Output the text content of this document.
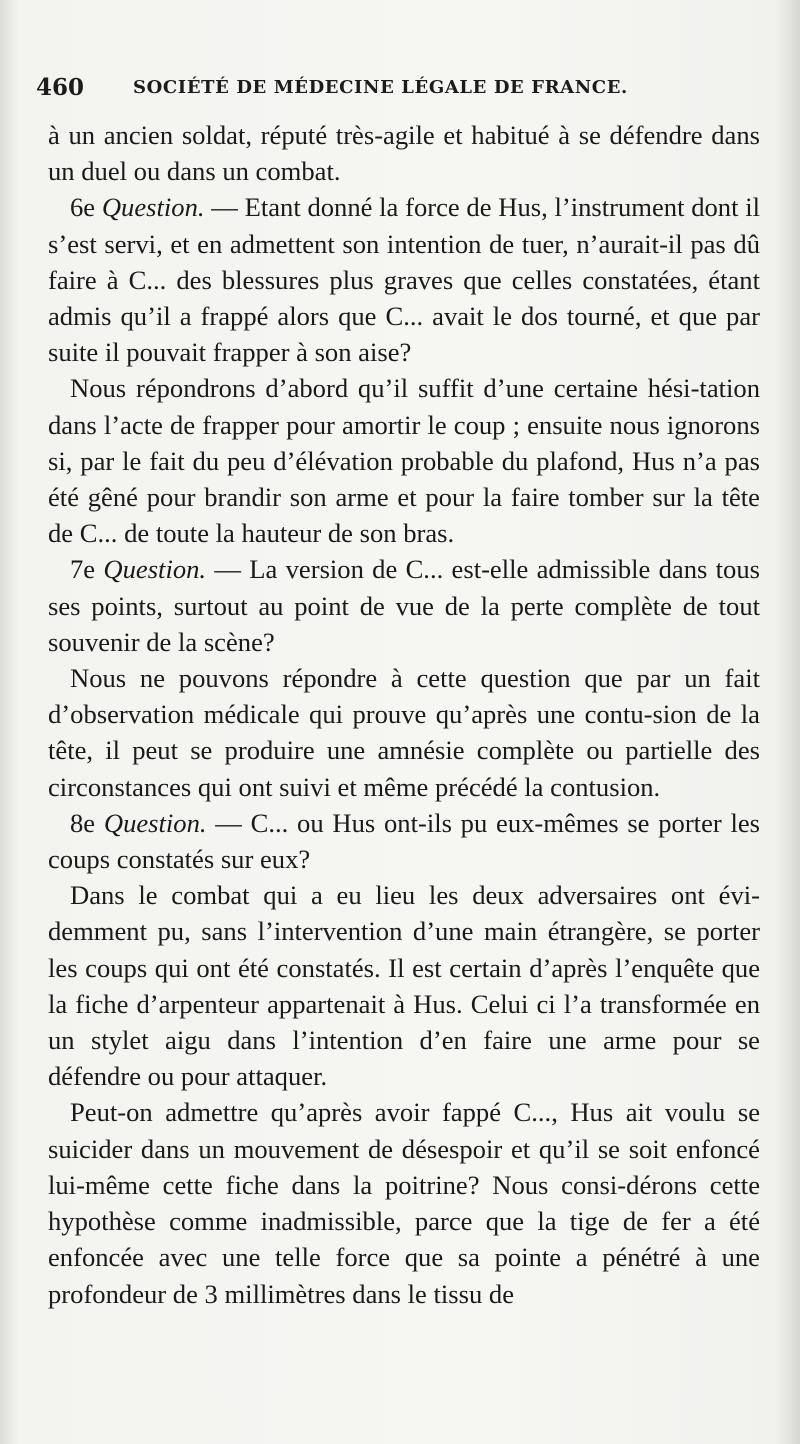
460	SOCIÉTÉ DE MÉDECINE LÉGALE DE FRANCE.

à un ancien soldat, réputé très-agile et habitué à se défendre dans un duel ou dans un combat.

6e Question. — Etant donné la force de Hus, l’instrument dont il s’est servi, et en admettent son intention de tuer, n’aurait-il pas dû faire à C... des blessures plus graves que celles constatées, étant admis qu’il a frappé alors que C... avait le dos tourné, et que par suite il pouvait frapper à son aise?

Nous répondrons d’abord qu’il suffit d’une certaine hési-tation dans l’acte de frapper pour amortir le coup ; ensuite nous ignorons si, par le fait du peu d’élévation probable du plafond, Hus n’a pas été gêné pour brandir son arme et pour la faire tomber sur la tête de C... de toute la hauteur de son bras.

7e Question. — La version de C... est-elle admissible dans tous ses points, surtout au point de vue de la perte complète de tout souvenir de la scène?

Nous ne pouvons répondre à cette question que par un fait d’observation médicale qui prouve qu’après une contu-sion de la tête, il peut se produire une amnésie complète ou partielle des circonstances qui ont suivi et même précédé la contusion.

8e Question. — C... ou Hus ont-ils pu eux-mêmes se porter les coups constatés sur eux?

Dans le combat qui a eu lieu les deux adversaires ont évi-demment pu, sans l’intervention d’une main étrangère, se porter les coups qui ont été constatés. Il est certain d’après l’enquête que la fiche d’arpenteur appartenait à Hus. Celui ci l’a transformée en un stylet aigu dans l’intention d’en faire une arme pour se défendre ou pour attaquer.

Peut-on admettre qu’après avoir fappé C..., Hus ait voulu se suicider dans un mouvement de désespoir et qu’il se soit enfoncé lui-même cette fiche dans la poitrine? Nous consi-dérons cette hypothèse comme inadmissible, parce que la tige de fer a été enfoncée avec une telle force que sa pointe a pénétré à une profondeur de 3 millimètres dans le tissu de
